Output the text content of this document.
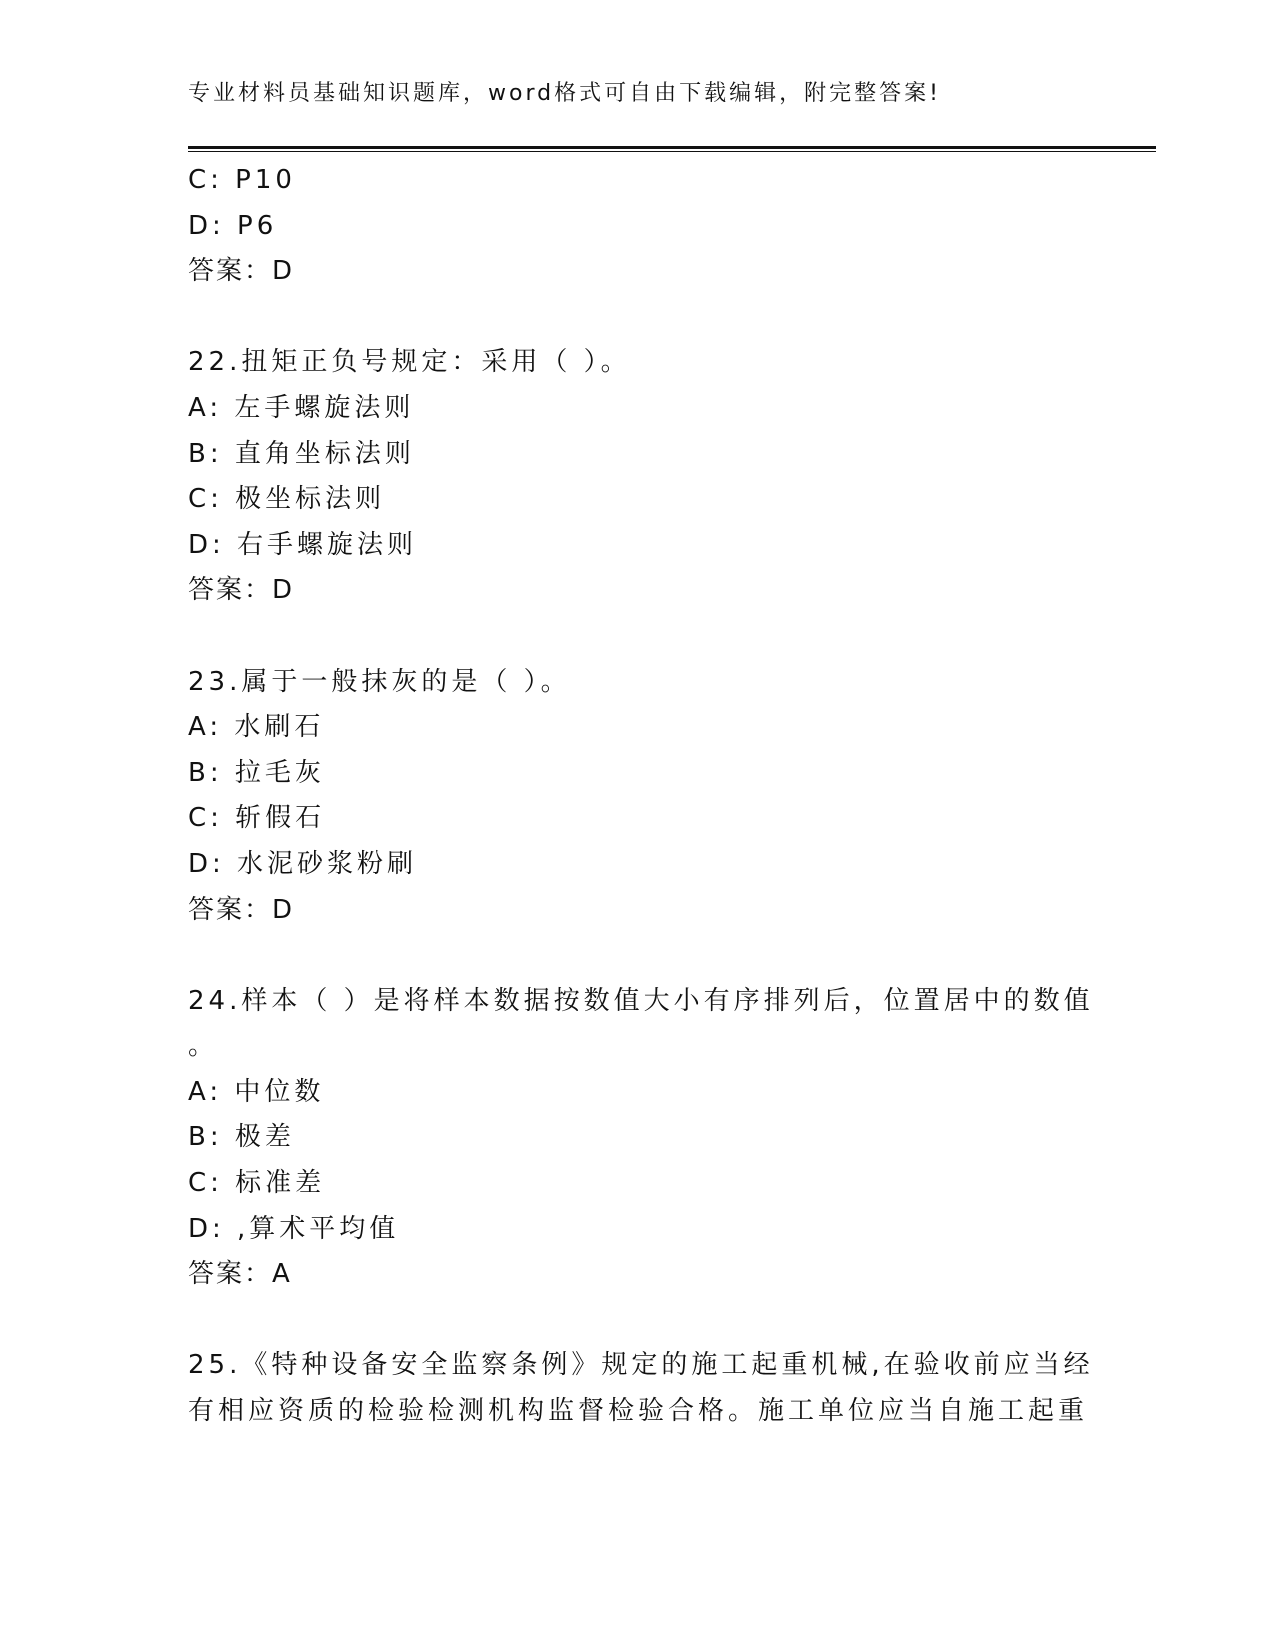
专业材料员基础知识题库，word格式可自由下载编辑，附完整答案!
C: P10
D: P6
答案：D
22.扭矩正负号规定：采用（ ）。
A: 左手螺旋法则
B: 直角坐标法则
C: 极坐标法则
D: 右手螺旋法则
答案：D
23.属于一般抹灰的是（ ）。
A: 水刷石
B: 拉毛灰
C: 斩假石
D: 水泥砂浆粉刷
答案：D
24.样本（ ）是将样本数据按数值大小有序排列后，位置居中的数值
。
A: 中位数
B: 极差
C: 标准差
D: ,算术平均值
答案：A
25.《特种设备安全监察条例》规定的施工起重机械,在验收前应当经
有相应资质的检验检测机构监督检验合格。施工单位应当自施工起重
